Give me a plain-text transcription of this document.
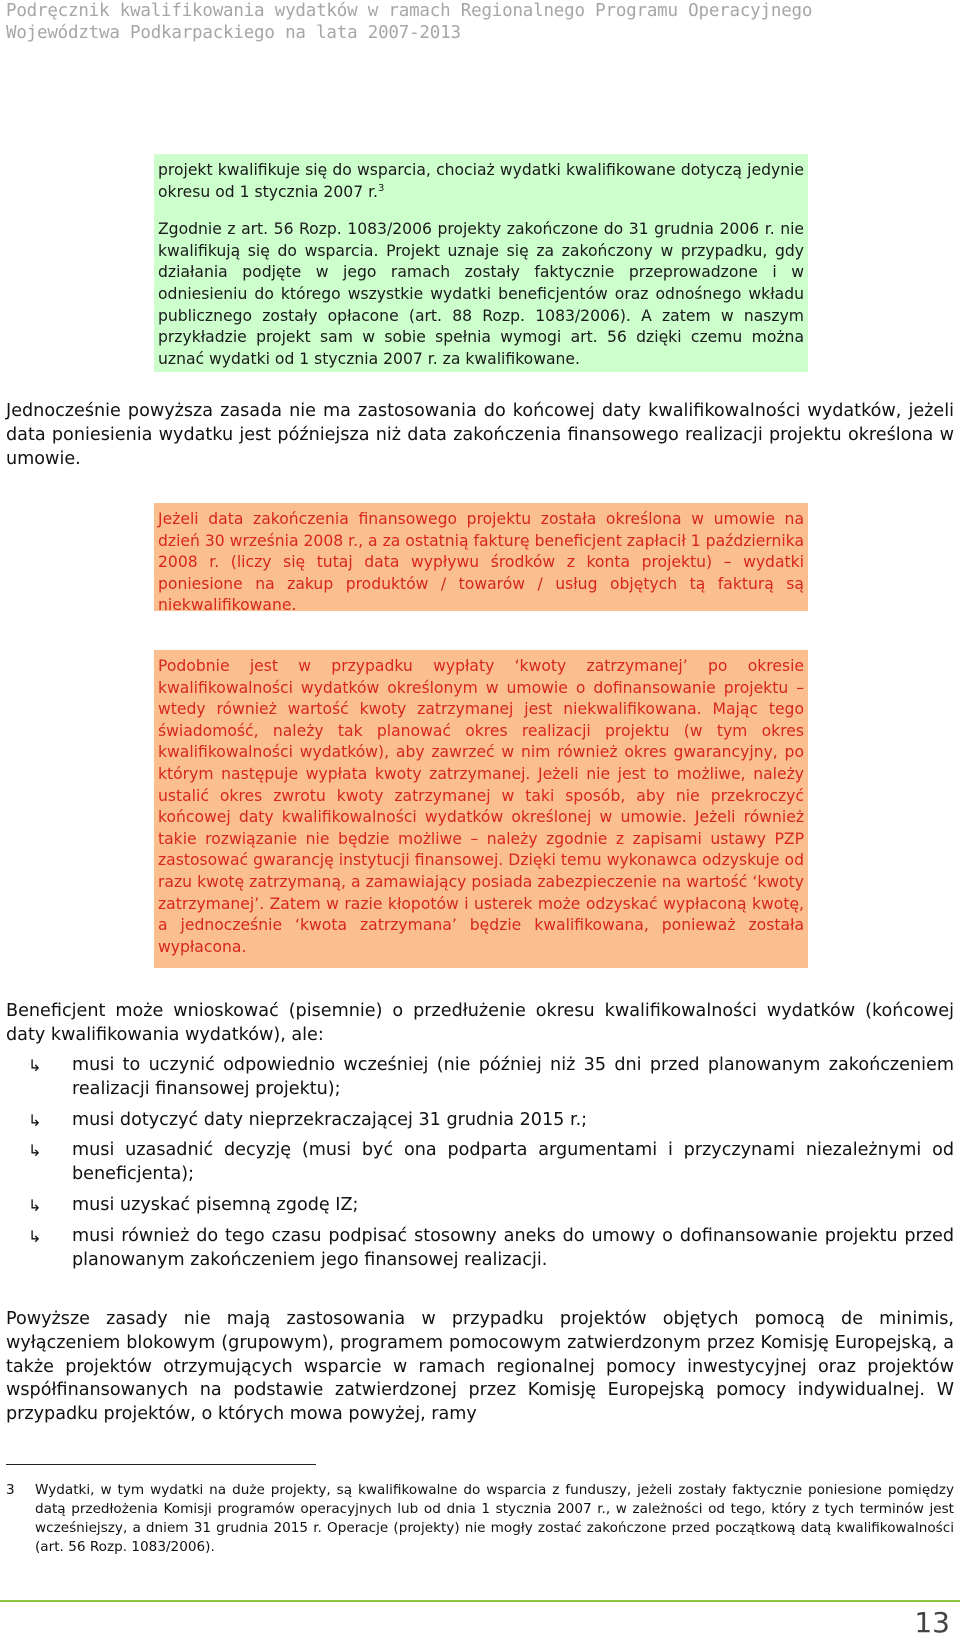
Podręcznik kwalifikowania wydatków w ramach Regionalnego Programu Operacyjnego
Województwa Podkarpackiego na lata 2007-2013

projekt kwalifikuje się do wsparcia, chociaż wydatki kwalifikowane dotyczą jedynie okresu od 1 stycznia 2007 r.$^3$

Zgodnie z art. 56 Rozp. 1083/2006 projekty zakończone do 31 grudnia 2006 r. nie kwalifikują się do wsparcia. Projekt uznaje się za zakończony w przypadku, gdy działania podjęte w jego ramach zostały faktycznie przeprowadzone i w odniesieniu do którego wszystkie wydatki beneficjentów oraz odnośnego wkładu publicznego zostały opłacone (art. 88 Rozp. 1083/2006). A zatem w naszym przykładzie projekt sam w sobie spełnia wymogi art. 56 dzięki czemu można uznać wydatki od 1 stycznia 2007 r. za kwalifikowane.

Jednocześnie powyższa zasada nie ma zastosowania do końcowej daty kwalifikowalności wydatków, jeżeli data poniesienia wydatku jest późniejsza niż data zakończenia finansowego realizacji projektu określona w umowie.

Jeżeli data zakończenia finansowego projektu została określona w umowie na dzień 30 września 2008 r., a za ostatnią fakturę beneficjent zapłacił 1 października 2008 r. (liczy się tutaj data wypływu środków z konta projektu) – wydatki poniesione na zakup produktów / towarów / usług objętych tą fakturą są niekwalifikowane.

Podobnie jest w przypadku wypłaty ‘kwoty zatrzymanej’ po okresie kwalifikowalności wydatków określonym w umowie o dofinansowanie projektu – wtedy również wartość kwoty zatrzymanej jest niekwalifikowana. Mając tego świadomość, należy tak planować okres realizacji projektu (w tym okres kwalifikowalności wydatków), aby zawrzeć w nim również okres gwarancyjny, po którym następuje wypłata kwoty zatrzymanej. Jeżeli nie jest to możliwe, należy ustalić okres zwrotu kwoty zatrzymanej w taki sposób, aby nie przekroczyć końcowej daty kwalifikowalności wydatków określonej w umowie. Jeżeli również takie rozwiązanie nie będzie możliwe – należy zgodnie z zapisami ustawy PZP zastosować gwarancję instytucji finansowej. Dzięki temu wykonawca odzyskuje od razu kwotę zatrzymaną, a zamawiający posiada zabezpieczenie na wartość ‘kwoty zatrzymanej’. Zatem w razie kłopotów i usterek może odzyskać wypłaconą kwotę, a jednocześnie ‘kwota zatrzymana’ będzie kwalifikowana, ponieważ została wypłacona.

Beneficjent może wnioskować (pisemnie) o przedłużenie okresu kwalifikowalności wydatków (końcowej daty kwalifikowania wydatków), ale:

↳ musi to uczynić odpowiednio wcześniej (nie później niż 35 dni przed planowanym zakończeniem realizacji finansowej projektu);
↳ musi dotyczyć daty nieprzekraczającej 31 grudnia 2015 r.;
↳ musi uzasadnić decyzję (musi być ona podparta argumentami i przyczynami niezależnymi od beneficjenta);
↳ musi uzyskać pisemną zgodę IZ;
↳ musi również do tego czasu podpisać stosowny aneks do umowy o dofinansowanie projektu przed planowanym zakończeniem jego finansowej realizacji.

Powyższe zasady nie mają zastosowania w przypadku projektów objętych pomocą de minimis, wyłączeniem blokowym (grupowym), programem pomocowym zatwierdzonym przez Komisję Europejską, a także projektów otrzymujących wsparcie w ramach regionalnej pomocy inwestycyjnej oraz projektów współfinansowanych na podstawie zatwierdzonej przez Komisję Europejską pomocy indywidualnej. W przypadku projektów, o których mowa powyżej, ramy

3 Wydatki, w tym wydatki na duże projekty, są kwalifikowalne do wsparcia z funduszy, jeżeli zostały faktycznie poniesione pomiędzy datą przedłożenia Komisji programów operacyjnych lub od dnia 1 stycznia 2007 r., w zależności od tego, który z tych terminów jest wcześniejszy, a dniem 31 grudnia 2015 r. Operacje (projekty) nie mogły zostać zakończone przed początkową datą kwalifikowalności (art. 56 Rozp. 1083/2006).
13
